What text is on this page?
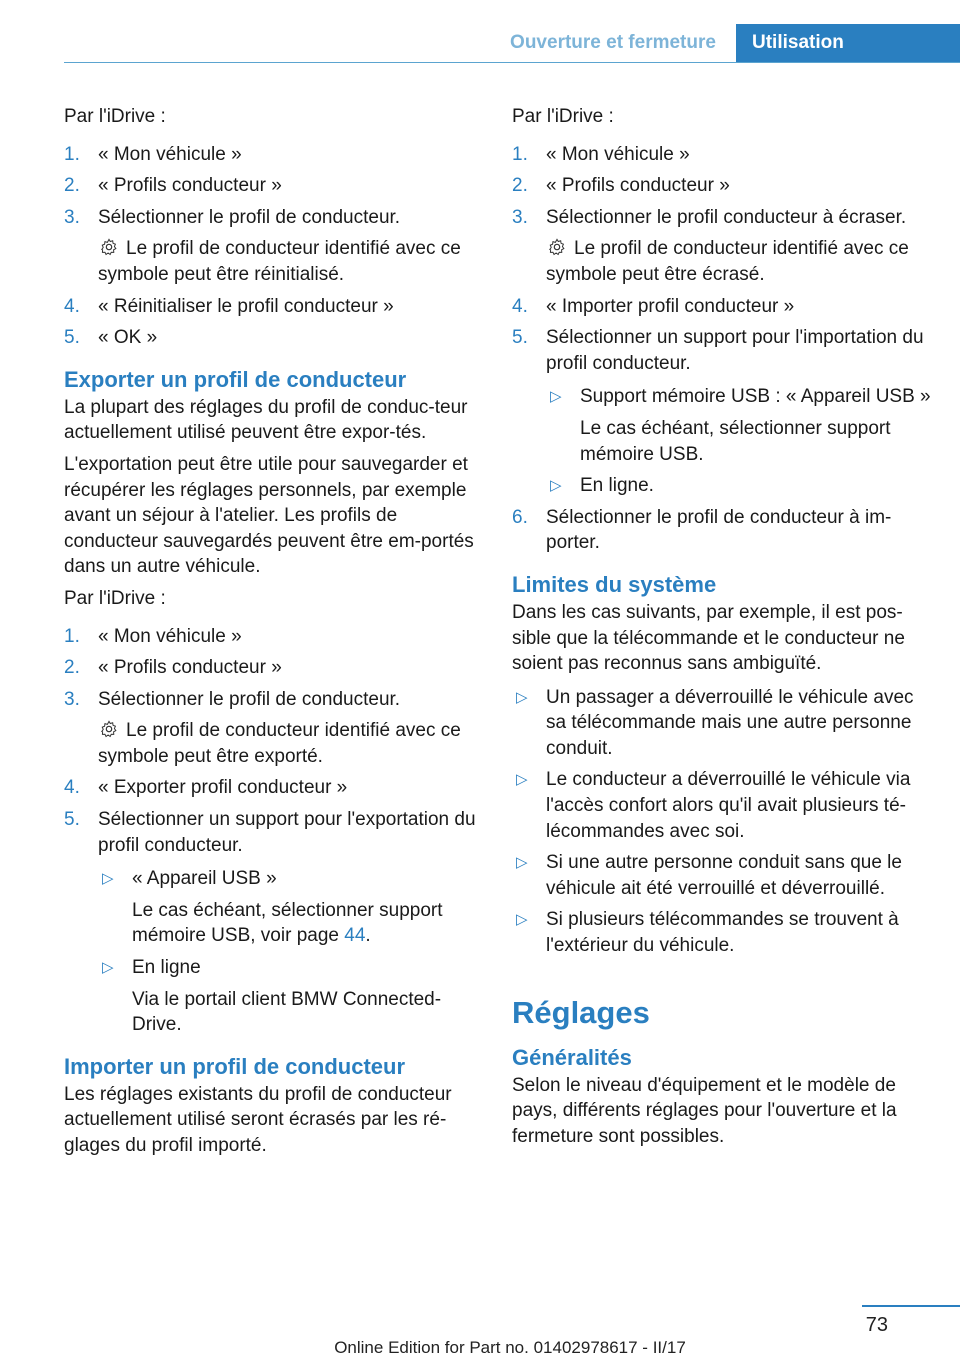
Ouverture et fermeture	Utilisation

Par l'iDrive :

1. « Mon véhicule »
2. « Profils conducteur »
3. Sélectionner le profil de conducteur.
Le profil de conducteur identifié avec ce symbole peut être réinitialisé.
4. « Réinitialiser le profil conducteur »
5. « OK »

Exporter un profil de conducteur

La plupart des réglages du profil de conduc‐teur actuellement utilisé peuvent être expor‐tés.

L'exportation peut être utile pour sauvegarder et récupérer les réglages personnels, par exemple avant un séjour à l'atelier. Les profils de conducteur sauvegardés peuvent être em‐portés dans un autre véhicule.

Par l'iDrive :

1. « Mon véhicule »
2. « Profils conducteur »
3. Sélectionner le profil de conducteur.
Le profil de conducteur identifié avec ce symbole peut être exporté.
4. « Exporter profil conducteur »
5. Sélectionner un support pour l'exportation du profil conducteur.
▷ « Appareil USB »
Le cas échéant, sélectionner support mémoire USB, voir page 44.
▷ En ligne
Via le portail client BMW Connected‐Drive.

Importer un profil de conducteur

Les réglages existants du profil de conducteur actuellement utilisé seront écrasés par les ré‐glages du profil importé.

Par l'iDrive :

1. « Mon véhicule »
2. « Profils conducteur »
3. Sélectionner le profil conducteur à écraser.
Le profil de conducteur identifié avec ce symbole peut être écrasé.
4. « Importer profil conducteur »
5. Sélectionner un support pour l'importation du profil conducteur.
▷ Support mémoire USB : « Appareil USB »
Le cas échéant, sélectionner support mémoire USB.
▷ En ligne.
6. Sélectionner le profil de conducteur à im‐porter.

Limites du système

Dans les cas suivants, par exemple, il est pos‐sible que la télécommande et le conducteur ne soient pas reconnus sans ambiguïté.

▷ Un passager a déverrouillé le véhicule avec sa télécommande mais une autre personne conduit.
▷ Le conducteur a déverrouillé le véhicule via l'accès confort alors qu'il avait plusieurs té‐lécommandes avec soi.
▷ Si une autre personne conduit sans que le véhicule ait été verrouillé et déverrouillé.
▷ Si plusieurs télécommandes se trouvent à l'extérieur du véhicule.

Réglages

Généralités

Selon le niveau d'équipement et le modèle de pays, différents réglages pour l'ouverture et la fermeture sont possibles.

73
Online Edition for Part no. 01402978617 - II/17
